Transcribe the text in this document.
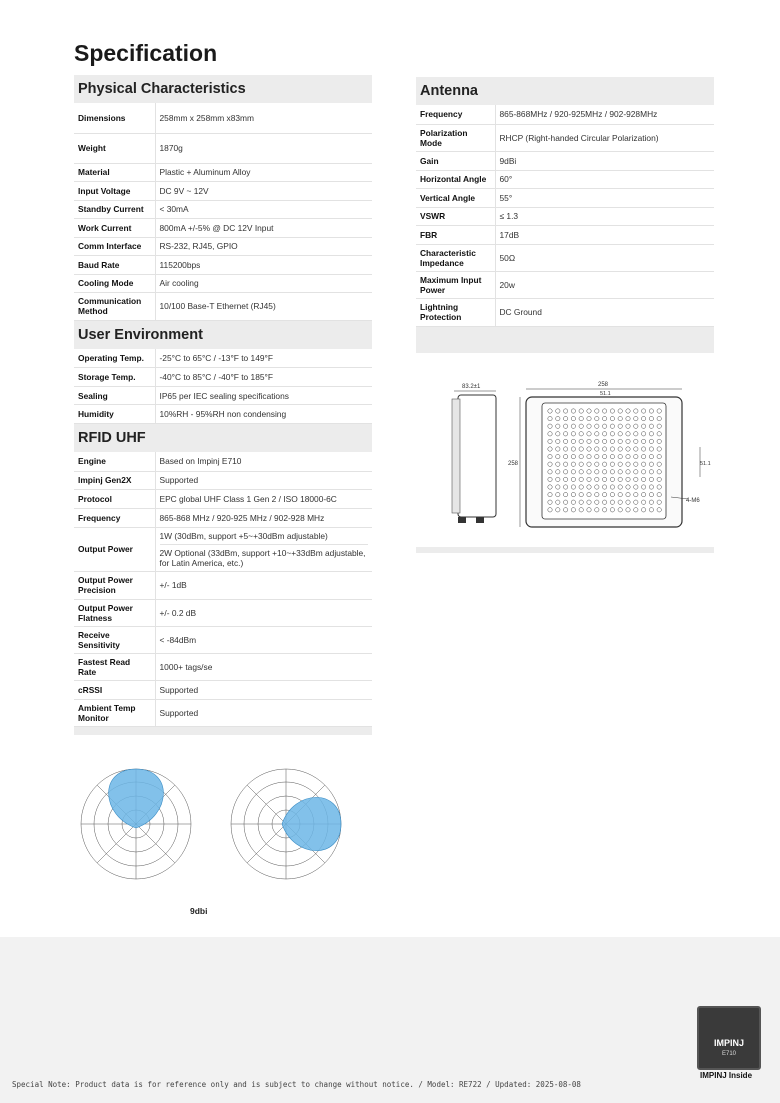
Specification
Physical Characteristics
Dimensions	258mm x 258mm x83mm
Weight	1870g
Material	Plastic + Aluminum Alloy
Input Voltage	DC 9V ~ 12V
Standby Current	< 30mA
Work Current	800mA +/-5% @ DC 12V Input
Comm Interface	RS-232, RJ45, GPIO
Baud Rate	115200bps
Cooling Mode	Air cooling
Communication Method	10/100 Base-T Ethernet (RJ45)
User Environment
Operating Temp.	-25°C to 65°C / -13°F to 149°F
Storage Temp.	-40°C to 85°C / -40°F to 185°F
Sealing	IP65 per IEC sealing specifications
Humidity	10%RH - 95%RH non condensing
RFID UHF
Engine	Based on Impinj E710
Impinj Gen2X	Supported
Protocol	EPC global UHF Class 1 Gen 2 / ISO 18000-6C
Frequency	865-868 MHz / 920-925 MHz / 902-928 MHz
Output Power	1W (30dBm, support +5~+30dBm adjustable)
2W Optional (33dBm, support +10~+33dBm adjustable, for Latin America, etc.)

Output Power Precision	+/- 1dB
Output Power Flatness	+/- 0.2 dB
Receive Sensitivity	< -84dBm
Fastest Read Rate	1000+ tags/se
cRSSI	Supported
Ambient Temp Monitor	Supported
Antenna
Frequency	865-868MHz / 920-925MHz / 902-928MHz
Polarization Mode	RHCP (Right-handed Circular Polarization)
Gain	9dBi
Horizontal Angle	60°
Vertical Angle	55°
VSWR	≤ 1.3
FBR	17dB
Characteristic Impedance	50Ω
Maximum Input Power	20w
Lightning Protection	DC Ground
83.2±1	258
51.1
258	51.1
4-M6
9dbi
IMPINJ
E710
IMPINJ Inside
Special Note: Product data is for reference only and is subject to change without notice. / Model: RE722 / Updated: 2025-08-08
